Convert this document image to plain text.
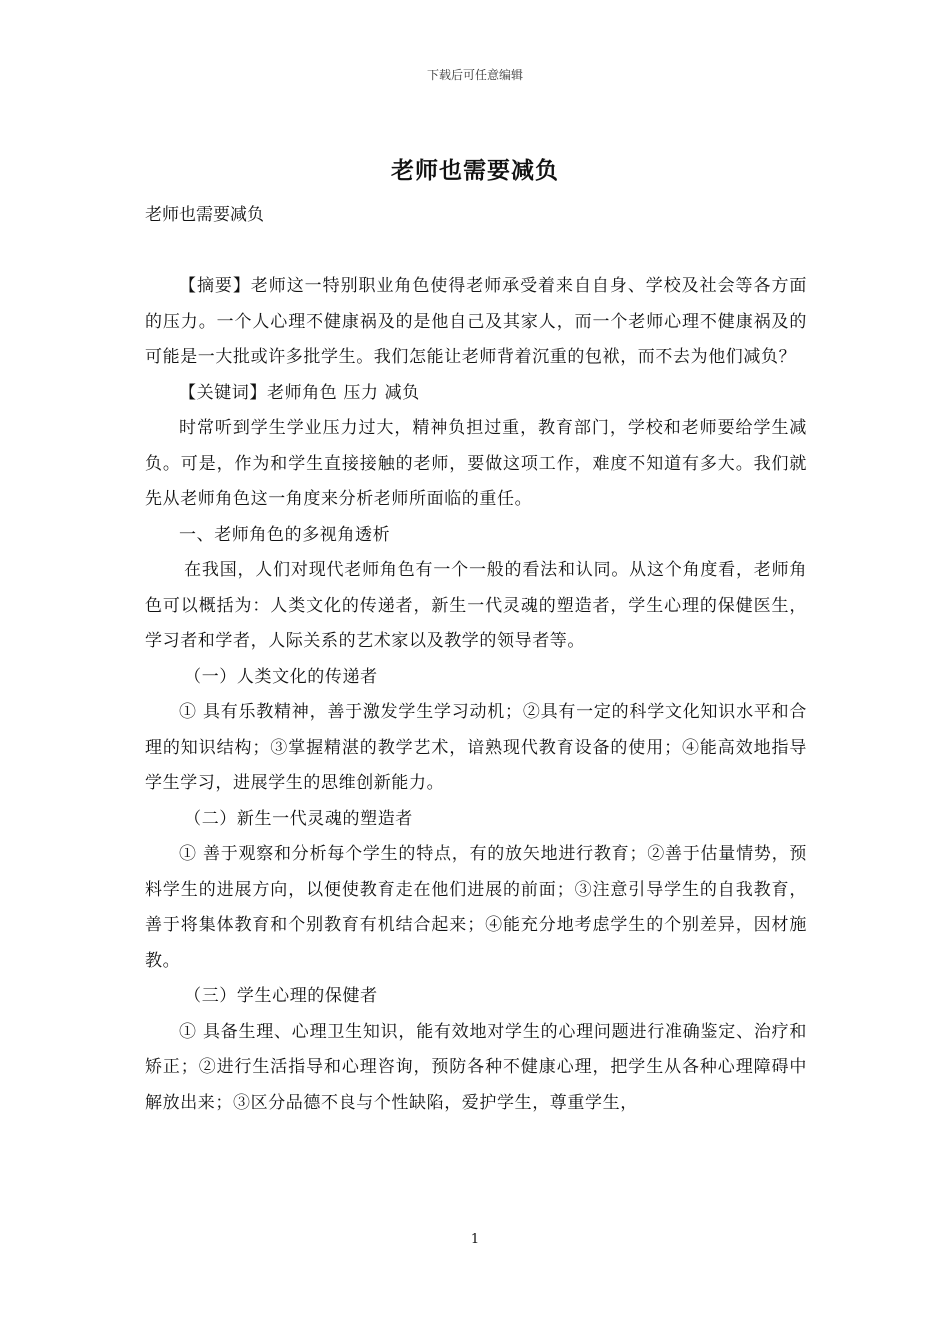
下载后可任意编辑
老师也需要减负
老师也需要减负

【摘要】老师这一特别职业角色使得老师承受着来自自身、学校及社会等各方面的压力。一个人心理不健康祸及的是他自己及其家人，而一个老师心理不健康祸及的可能是一大批或许多批学生。我们怎能让老师背着沉重的包袱，而不去为他们减负？

【关键词】老师角色 压力 减负

时常听到学生学业压力过大，精神负担过重，教育部门，学校和老师要给学生减负。可是，作为和学生直接接触的老师，要做这项工作，难度不知道有多大。我们就先从老师角色这一角度来分析老师所面临的重任。

一、老师角色的多视角透析

在我国，人们对现代老师角色有一个一般的看法和认同。从这个角度看，老师角色可以概括为：人类文化的传递者，新生一代灵魂的塑造者，学生心理的保健医生，学习者和学者，人际关系的艺术家以及教学的领导者等。

（一）人类文化的传递者

① 具有乐教精神，善于激发学生学习动机；②具有一定的科学文化知识水平和合理的知识结构；③掌握精湛的教学艺术，谙熟现代教育设备的使用；④能高效地指导学生学习，进展学生的思维创新能力。

（二）新生一代灵魂的塑造者

① 善于观察和分析每个学生的特点，有的放矢地进行教育；②善于估量情势，预料学生的进展方向，以便使教育走在他们进展的前面；③注意引导学生的自我教育，善于将集体教育和个别教育有机结合起来；④能充分地考虑学生的个别差异，因材施教。

（三）学生心理的保健者

① 具备生理、心理卫生知识，能有效地对学生的心理问题进行准确鉴定、治疗和矫正；②进行生活指导和心理咨询，预防各种不健康心理，把学生从各种心理障碍中解放出来；③区分品德不良与个性缺陷，爱护学生，尊重学生，

1
